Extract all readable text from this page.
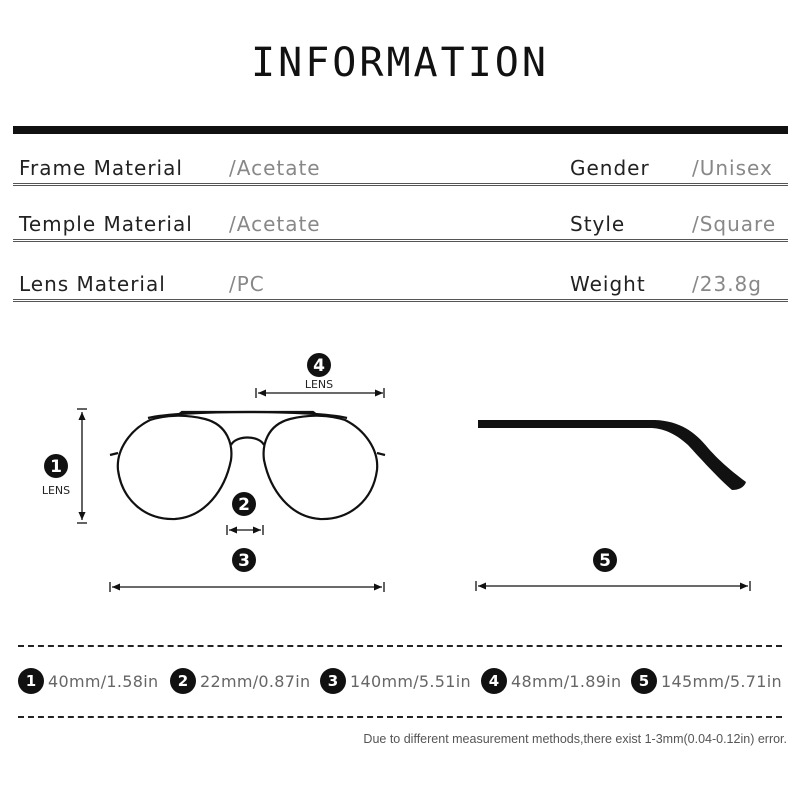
INFORMATION
Frame Material /Acetate	Gender /Unisex
Temple Material /Acetate	Style	/Square
Lens Material	/PC	Weight /23.8g
4
1
2
3	5
LENS
LENS
1 40mm/1.58in	2 22mm/0.87in	3 140mm/5.51in	4 48mm/1.89in	5 145mm/5.71in
Due to different measurement methods,there exist 1-3mm(0.04-0.12in) error.
